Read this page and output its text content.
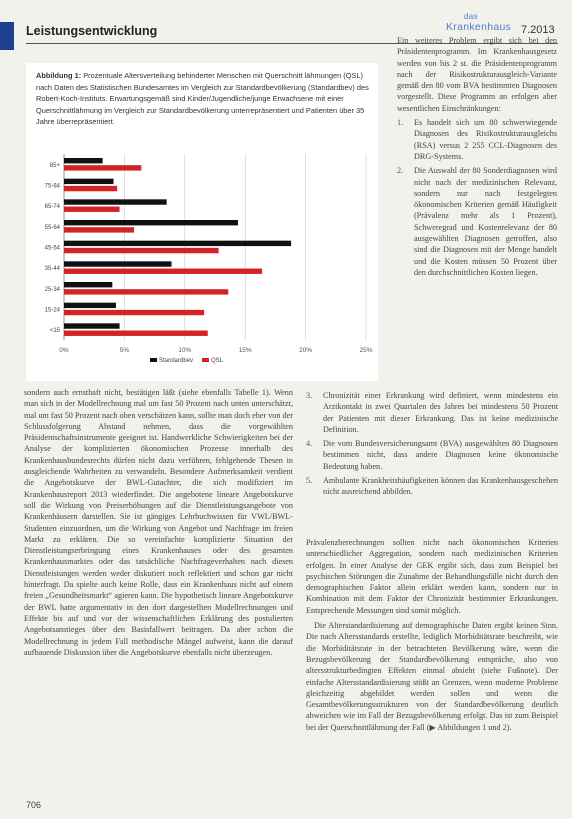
Leistungsentwicklung
das
Krankenhaus 7.2013
Abbildung 1: Prozentuale Altersverteilung behinderter Menschen mit Querschnitt lähmungen (QSL) nach Daten des Statistischen Bundesamtes im Vergleich zur Standardbevölkerung (Standardbev) des Robert-Koch-Instituts. Erwartungsgemäß sind Kinder/Jugendliche/junge Erwachsene mit einer Querschnittlähmung im Vergleich zur Standardbevölkerung unterrepräsentiert und Patienten über 35 Jahre überrepräsentiert.
0%	5%	10%	15%	20%	25%
85+
75-84
65-74
55-64
45-54
35-44
25-34
15-24
<15
Standardbev	QSL

Ein weiteres Problem ergibt sich bei den Präsidentenprogramm. Im Krankenhausgesetz werden von bis 2 st. die Präsidentenprogramm nach der Risikostrukturausgleich-Variante gemäß den 80 vom BVA bestimmten Diagnosen vorgestellt. Diese Programm an erfolgen aber wesentlichen Einschränkungen:

1. Es handelt sich um 80 schwerwiegende Diagnosen des Risikostrukturausgleichs (RSA) versus 2 255 CCL-Diagnosen des DRG-Systems.
2. Die Auswahl der 80 Sonderdiagnosen wird nicht nach der medizinischen Relevanz, sondern nur nach festgelegten ökonomischen Kriterien gemäß Häufigkeit (Prävalenz mehr als 1 Prozent), Schweregrad und Kostenrelevanz der 80 ausgewählten Diagnosen getroffen, also sind die Diagnosen mit der Menge handelt und die Kosten müssen 50 Prozent über den durchschnittlichen Kosten liegen.

sondern auch ernsthaft nicht, bestätigen läßt (siehe ebenfalls Tabelle 1). Wenn man sich in der Modellrechnung mal um fast 50 Prozent nach unten unterschätzt, mal um fast 50 Prozent nach oben verschätzen kann, sollte man doch eher von der Schlussfolgerung Abstand nehmen, dass die vorgewählten Präsidentschaftsinstrumente geeignet ist. Handwerkliche Schwierigkeiten bei der Analyse der komplizierten ökonomischen Prozesse innerhalb des Krankenhausbundesrechts dürfen nicht dazu verführen, fehlgehende Thesen in ausgleichende Wahrheiten zu verwandeln. Besondere Aufmerksamkeit verdient die Angebotskurve der BWL-Gutachter, die sich modifiziert im Krankenhausreport 2013 wiederfindet. Die angebotene lineare Angebotskurve soll die Wirkung von Preiserhöhungen auf die Dienstleistungsangebote von Krankenhäusern darstellen. Sie ist gängiges Lehrbuchwissen für VWL/BWL-Studenten einzuordnen, um die Wirkung von Angebot und Nachfrage im freien Markt zu erklären. Die so vereinfachte komplizierte Situation der Dienstleistungserbringung eines Krankenhauses oder des gesamten Krankenhausmarktes oder das tatsächliche Nachfrageverhalten nach diesen Dienstleistungen werden weder diskutiert noch reflektiert und schon gar nicht hinterfragt. Da spielte auch keine Rolle, dass ein Krankenhaus nicht auf einem freien „Gesundheitsmarkt“ agieren kann. Die hypothetisch lineare Angebotskurve der BWL hatte argumentativ in den dort dargestellten Modellrechnungen und Effekte bis auf und vor der wissenschaftlichen Erklärung des postulierten Angebotsanstieges über den Basisfallwert beitragen. Da aber schon die Modellrechnung in jedem Fall methodische Mängel aufweist, kann die darauf aufbauende Diskussion über die Angebotskurve ebenfalls nicht überzeugen.

3. Chronizität einer Erkrankung wird definiert, wenn mindestens ein Arztkontakt in zwei Quartalen des Jahres bei mindestens 50 Prozent der Patienten mit dieser Erkrankung. Das ist keine medizinische Definition.
4. Die vom Bundesversicherungsamt (BVA) ausgewählten 80 Diagnosen bestimmen nicht, dass andere Diagnosen keine ökonomische Bedeutung haben.
5. Ambulante Krankheitshäufigkeiten können das Krankenhausgeschehen nicht ausreichend abbilden.

Prävalenzberechnungen sollten nicht nach ökonomischen Kriterien unterschiedlicher Aggregation, sondern nach medizinischen Kriterien erfolgen. In einer Analyse der GEK ergibt sich, dass zum Beispiel bei psychischen Störungen die Zunahme der Behandlungsfälle nicht durch den demographischen Faktor allein erklärt werden kann, sondern nur in Kombination mit dem Faktor der Chronizität bestimmter Erkrankungen. Entsprechende Messungen sind somit möglich.

Die Alterstandardisierung auf demographische Daten ergibt keinen Sinn. Die nach Altersstandards erstellte, lediglich Morbiditätsrate beschreibt, wie die Morbiditätsrate in der betrachteten Bevölkerung wäre, wenn die Bezugsbevölkerung der Standardbevölkerung entspräche, also von altersstrukturbedingten Effekten einmal absieht (siehe Fußnote). Der einfache Altersstandardisierung stößt an Grenzen, wenn moderne Probleme gleichzeitig abgebildet werden sollen und wenn die Gesamtbevölkerungsstrukturen von der Standardbevölkerung deutlich abweichen wie im Fall der Bezugsbevölkerung erfolgt. Das ist zum Beispiel bei der Querschnittlähmung der Fall (▶ Abbildungen 1 und 2).

706
